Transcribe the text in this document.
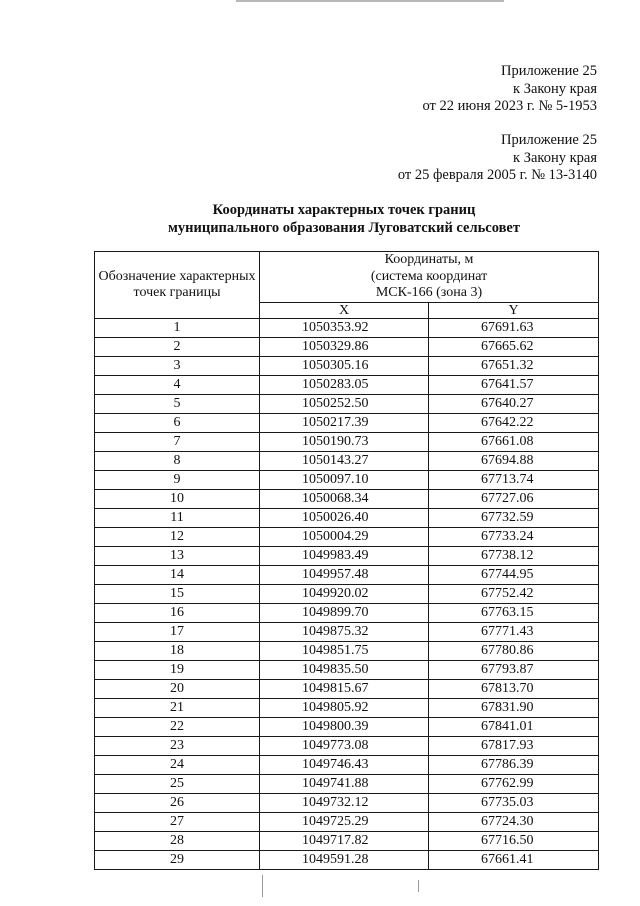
Приложение 25
к Закону края
от 22 июня 2023 г. № 5-1953
Приложение 25
к Закону края
от 25 февраля 2005 г. № 13-3140
Координаты характерных точек границ
муниципального образования Луговатский сельсовет
Обозначение характерных точек границы	Координаты, м
(система координат
МСК-166 (зона 3)	

	X	Y
1	1050353.92	67691.63
2	1050329.86	67665.62
3	1050305.16	67651.32
4	1050283.05	67641.57
5	1050252.50	67640.27
6	1050217.39	67642.22
7	1050190.73	67661.08
8	1050143.27	67694.88
9	1050097.10	67713.74
10	1050068.34	67727.06
11	1050026.40	67732.59
12	1050004.29	67733.24
13	1049983.49	67738.12
14	1049957.48	67744.95
15	1049920.02	67752.42
16	1049899.70	67763.15
17	1049875.32	67771.43
18	1049851.75	67780.86
19	1049835.50	67793.87
20	1049815.67	67813.70
21	1049805.92	67831.90
22	1049800.39	67841.01
23	1049773.08	67817.93
24	1049746.43	67786.39
25	1049741.88	67762.99
26	1049732.12	67735.03
27	1049725.29	67724.30
28	1049717.82	67716.50
29	1049591.28	67661.41
